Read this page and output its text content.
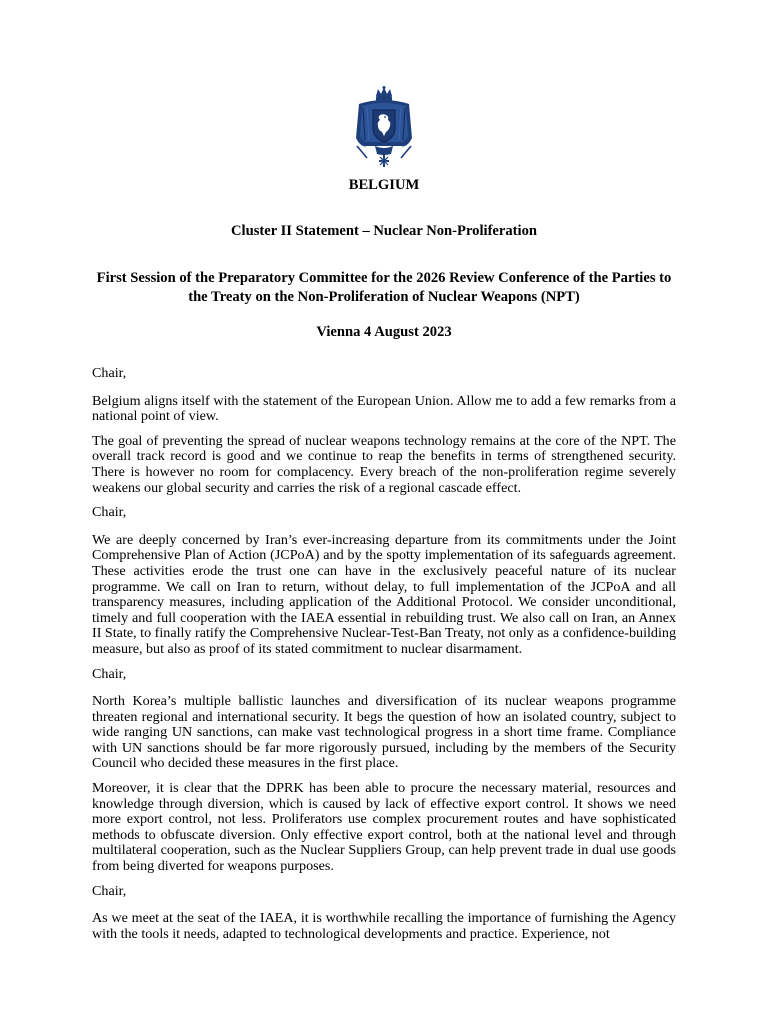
BELGIUM
Cluster II Statement – Nuclear Non-Proliferation
First Session of the Preparatory Committee for the 2026 Review Conference of the Parties to the Treaty on the Non-Proliferation of Nuclear Weapons (NPT)
Vienna 4 August 2023

Chair,

Belgium aligns itself with the statement of the European Union. Allow me to add a few remarks from a national point of view.

The goal of preventing the spread of nuclear weapons technology remains at the core of the NPT. The overall track record is good and we continue to reap the benefits in terms of strengthened security. There is however no room for complacency. Every breach of the non-proliferation regime severely weakens our global security and carries the risk of a regional cascade effect.

Chair,

We are deeply concerned by Iran’s ever-increasing departure from its commitments under the Joint Comprehensive Plan of Action (JCPoA) and by the spotty implementation of its safeguards agreement. These activities erode the trust one can have in the exclusively peaceful nature of its nuclear programme. We call on Iran to return, without delay, to full implementation of the JCPoA and all transparency measures, including application of the Additional Protocol. We consider unconditional, timely and full cooperation with the IAEA essential in rebuilding trust. We also call on Iran, an Annex II State, to finally ratify the Comprehensive Nuclear-Test-Ban Treaty, not only as a confidence-building measure, but also as proof of its stated commitment to nuclear disarmament.

Chair,

North Korea’s multiple ballistic launches and diversification of its nuclear weapons programme threaten regional and international security. It begs the question of how an isolated country, subject to wide ranging UN sanctions, can make vast technological progress in a short time frame. Compliance with UN sanctions should be far more rigorously pursued, including by the members of the Security Council who decided these measures in the first place.

Moreover, it is clear that the DPRK has been able to procure the necessary material, resources and knowledge through diversion, which is caused by lack of effective export control. It shows we need more export control, not less. Proliferators use complex procurement routes and have sophisticated methods to obfuscate diversion. Only effective export control, both at the national level and through multilateral cooperation, such as the Nuclear Suppliers Group, can help prevent trade in dual use goods from being diverted for weapons purposes.

Chair,

As we meet at the seat of the IAEA, it is worthwhile recalling the importance of furnishing the Agency with the tools it needs, adapted to technological developments and practice. Experience, not
